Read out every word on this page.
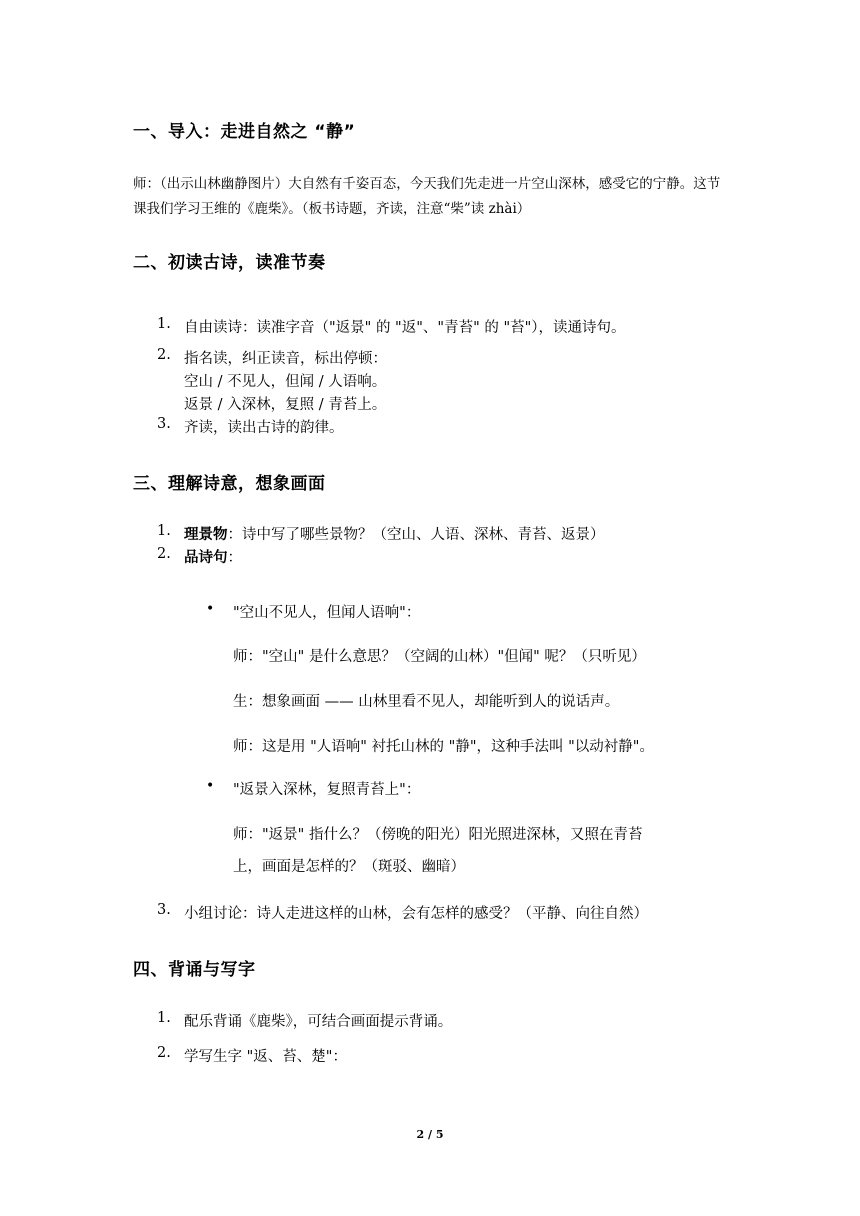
一、导入：走进自然之 “静”
师：（出示山林幽静图片）大自然有千姿百态，今天我们先走进一片空山深林，感受它的宁静。这节课我们学习王维的《鹿柴》。（板书诗题，齐读，注意“柴”读 zhài）
二、初读古诗，读准节奏
1. 自由读诗：读准字音（"返景" 的 "返"、"青苔" 的 "苔"），读通诗句。
2. 指名读，纠正读音，标出停顿：
空山 / 不见人，但闻 / 人语响。
返景 / 入深林，复照 / 青苔上。
3. 齐读，读出古诗的韵律。
三、理解诗意，想象画面
1. 理景物：诗中写了哪些景物？（空山、人语、深林、青苔、返景）
2. 品诗句：
• "空山不见人，但闻人语响"：
师："空山" 是什么意思？（空阔的山林）"但闻" 呢？（只听见）
生：想象画面 —— 山林里看不见人，却能听到人的说话声。
师：这是用 "人语响" 衬托山林的 "静"，这种手法叫 "以动衬静"。
• "返景入深林，复照青苔上"：
师："返景" 指什么？（傍晚的阳光）阳光照进深林，又照在青苔
上，画面是怎样的？（斑驳、幽暗）
3. 小组讨论：诗人走进这样的山林，会有怎样的感受？（平静、向往自然）
四、背诵与写字
1. 配乐背诵《鹿柴》，可结合画面提示背诵。
2. 学写生字 "返、苔、楚"：
2 / 5
